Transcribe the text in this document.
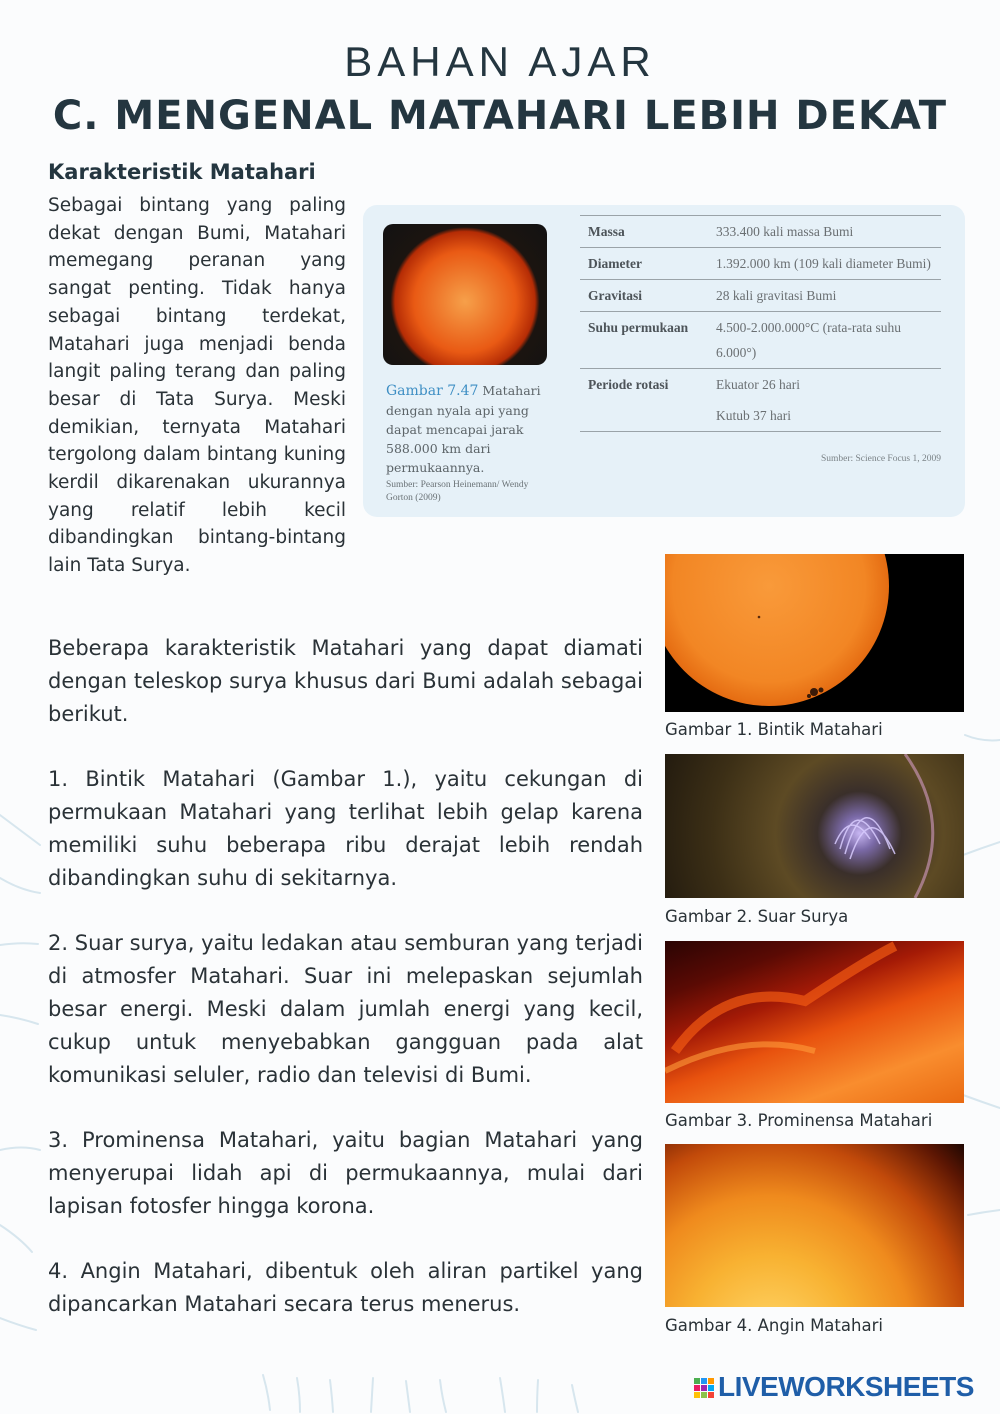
BAHAN AJAR
C. MENGENAL MATAHARI LEBIH DEKAT
Karakteristik Matahari
Sebagai bintang yang paling dekat dengan Bumi, Matahari memegang peranan yang sangat penting. Tidak hanya sebagai bintang terdekat, Matahari juga menjadi benda langit paling terang dan paling besar di Tata Surya. Meski demikian, ternyata Matahari tergolong dalam bintang kuning kerdil dikarenakan ukurannya yang relatif lebih kecil dibandingkan bintang-bintang lain Tata Surya.
Gambar 7.47 Matahari dengan nyala api yang dapat mencapai jarak 588.000 km dari permukaannya.
Sumber: Pearson Heinemann/ Wendy Gorton (2009)
Massa	333.400 kali massa Bumi
Diameter	1.392.000 km (109 kali diameter Bumi)
Gravitasi	28 kali gravitasi Bumi
Suhu permukaan	4.500-2.000.000°C (rata-rata suhu 6.000°)
Periode rotasi	Ekuator 26 hari
	Kutub 37 hari
Sumber: Science Focus 1, 2009
Beberapa karakteristik Matahari yang dapat diamati dengan teleskop surya khusus dari Bumi adalah sebagai berikut.
1. Bintik Matahari (Gambar 1.), yaitu cekungan di permukaan Matahari yang terlihat lebih gelap karena memiliki suhu beberapa ribu derajat lebih rendah dibandingkan suhu di sekitarnya.
2. Suar surya, yaitu ledakan atau semburan yang terjadi di atmosfer Matahari. Suar ini melepaskan sejumlah besar energi. Meski dalam jumlah energi yang kecil, cukup untuk menyebabkan gangguan pada alat komunikasi seluler, radio dan televisi di Bumi.
3. Prominensa Matahari, yaitu bagian Matahari yang menyerupai lidah api di permukaannya, mulai dari lapisan fotosfer hingga korona.
4. Angin Matahari, dibentuk oleh aliran partikel yang dipancarkan Matahari secara terus menerus.
Gambar 1. Bintik Matahari
Gambar 2. Suar Surya
Gambar 3. Prominensa Matahari
Gambar 4. Angin Matahari
LIVEWORKSHEETS
